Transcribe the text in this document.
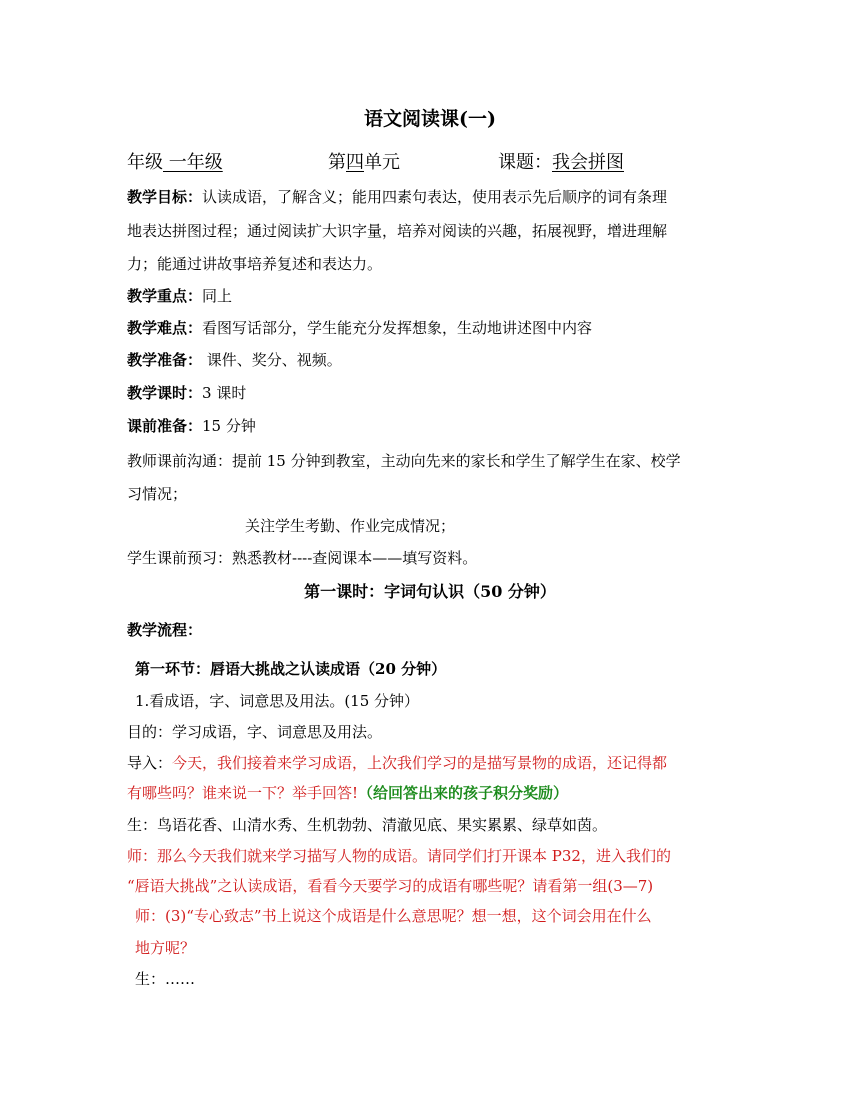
语文阅读课(一)
年级 一年级	第四单元	课题：我会拼图
教学目标：认读成语，了解含义；能用四素句表达，使用表示先后顺序的词有条理
地表达拼图过程；通过阅读扩大识字量，培养对阅读的兴趣，拓展视野，增进理解
力；能通过讲故事培养复述和表达力。
教学重点：同上
教学难点：看图写话部分，学生能充分发挥想象，生动地讲述图中内容
教学准备： 课件、奖分、视频。
教学课时：3 课时
课前准备：15 分钟
教师课前沟通：提前 15 分钟到教室，主动向先来的家长和学生了解学生在家、校学
习情况；
关注学生考勤、作业完成情况；
学生课前预习：熟悉教材----查阅课本——填写资料。
第一课时：字词句认识（50 分钟）
教学流程：
第一环节：唇语大挑战之认读成语（20 分钟）
1.看成语，字、词意思及用法。(15 分钟）
目的：学习成语，字、词意思及用法。
导入：今天，我们接着来学习成语，上次我们学习的是描写景物的成语，还记得都
有哪些吗？谁来说一下？举手回答!（给回答出来的孩子积分奖励）
生：鸟语花香、山清水秀、生机勃勃、清澈见底、果实累累、绿草如茵。
师：那么今天我们就来学习描写人物的成语。请同学们打开课本 P32，进入我们的
“唇语大挑战”之认读成语，看看今天要学习的成语有哪些呢？请看第一组(3—7)
师：(3)“专心致志”书上说这个成语是什么意思呢？想一想，这个词会用在什么
地方呢？
生：……
